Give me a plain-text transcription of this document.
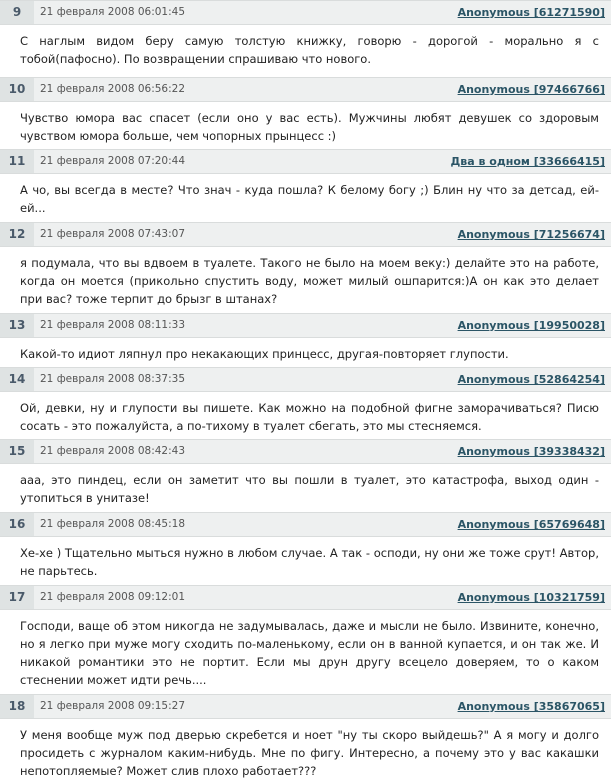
9	21 февраля 2008 06:01:45	Anonymous [61271590]
С наглым видом беру самую толстую книжку, говорю - дорогой - морально я с тобой(пафосно). По возвращении спрашиваю что нового.
10	21 февраля 2008 06:56:22	Anonymous [97466766]
Чувство юмора вас спасет (если оно у вас есть). Мужчины любят девушек со здоровым чувством юмора больше, чем чопорных прынцесс :)
11	21 февраля 2008 07:20:44	Два в одном [33666415]
А чо, вы всегда в месте? Что знач - куда пошла? К белому богу ;) Блин ну что за детсад, ей-ей...
12	21 февраля 2008 07:43:07	Anonymous [71256674]
я подумала, что вы вдвоем в туалете. Такого не было на моем веку:) делайте это на работе, когда он моется (прикольно спустить воду, может милый ошпарится:)А он как это делает при вас? тоже терпит до брызг в штанах?
13	21 февраля 2008 08:11:33	Anonymous [19950028]
Какой-то идиот ляпнул про некакающих принцесс, другая-повторяет глупости.
14	21 февраля 2008 08:37:35	Anonymous [52864254]
Ой, девки, ну и глупости вы пишете. Как можно на подобной фигне заморачиваться? Писю сосать - это пожалуйста, а по-тихому в туалет сбегать, это мы стесняемся.
15	21 февраля 2008 08:42:43	Anonymous [39338432]
ааа, это пиндец, если он заметит что вы пошли в туалет, это катастрофа, выход один - утопиться в унитазе!
16	21 февраля 2008 08:45:18	Anonymous [65769648]
Хе-хе ) Тщательно мыться нужно в любом случае. А так - осподи, ну они же тоже срут! Автор, не парьтесь.
17	21 февраля 2008 09:12:01	Anonymous [10321759]
Господи, ваще об этом никогда не задумывалась, даже и мысли не было. Извините, конечно, но я легко при муже могу сходить по-маленькому, если он в ванной купается, и он так же. И никакой романтики это не портит. Если мы друн другу всецело доверяем, то о каком стеснении может идти речь....
18	21 февраля 2008 09:15:27	Anonymous [35867065]
У меня вообще муж под дверью скребется и ноет "ну ты скоро выйдешь?" А я могу и долго просидеть с журналом каким-нибудь. Мне по фигу. Интересно, а почему это у вас какашки непотопляемые? Может слив плохо работает???
